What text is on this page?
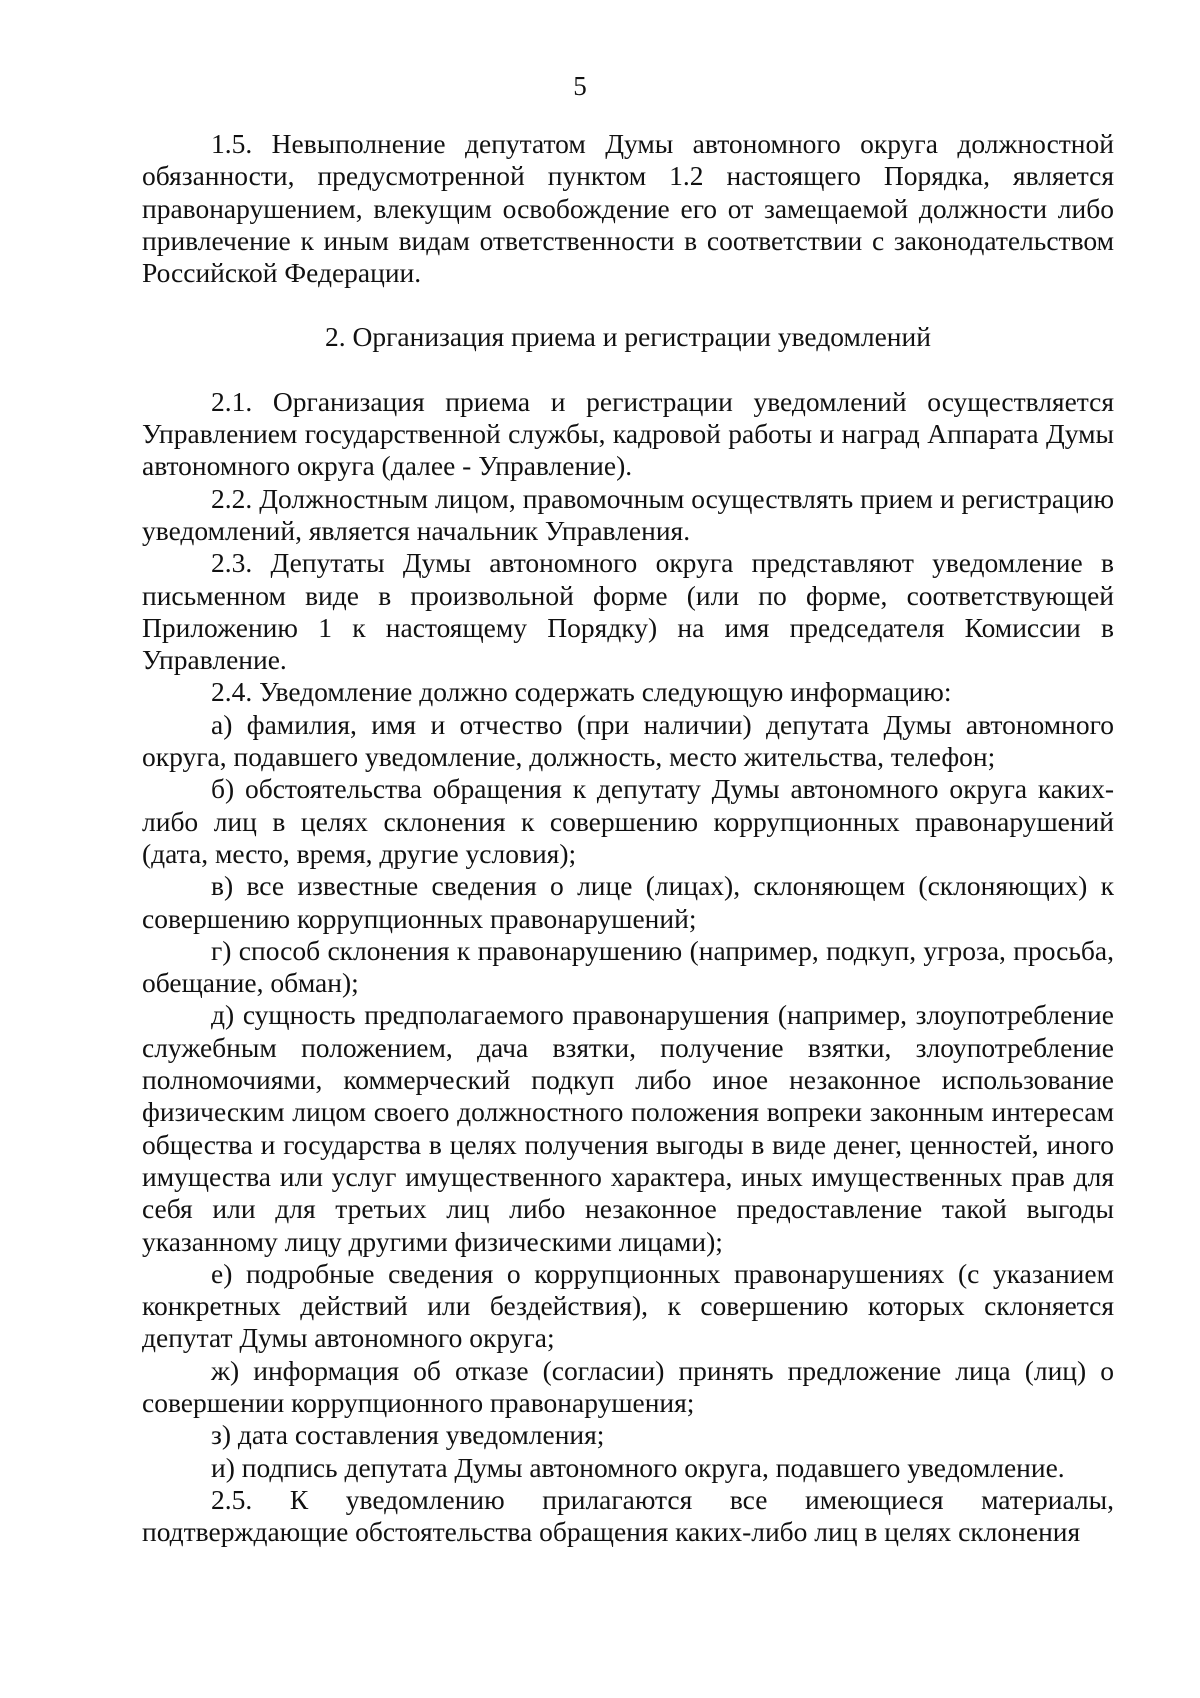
5

1.5. Невыполнение депутатом Думы автономного округа должностной обязанности, предусмотренной пунктом 1.2 настоящего Порядка, является правонарушением, влекущим освобождение его от замещаемой должности либо привлечение к иным видам ответственности в соответствии с законодательством Российской Федерации.

2. Организация приема и регистрации уведомлений

2.1. Организация приема и регистрации уведомлений осуществляется Управлением государственной службы, кадровой работы и наград Аппарата Думы автономного округа (далее - Управление).

2.2. Должностным лицом, правомочным осуществлять прием и регистрацию уведомлений, является начальник Управления.

2.3. Депутаты Думы автономного округа представляют уведомление в письменном виде в произвольной форме (или по форме, соответствующей Приложению 1 к настоящему Порядку) на имя председателя Комиссии в Управление.

2.4. Уведомление должно содержать следующую информацию:

а) фамилия, имя и отчество (при наличии) депутата Думы автономного округа, подавшего уведомление, должность, место жительства, телефон;

б) обстоятельства обращения к депутату Думы автономного округа каких-либо лиц в целях склонения к совершению коррупционных правонарушений (дата, место, время, другие условия);

в) все известные сведения о лице (лицах), склоняющем (склоняющих) к совершению коррупционных правонарушений;

г) способ склонения к правонарушению (например, подкуп, угроза, просьба, обещание, обман);

д) сущность предполагаемого правонарушения (например, злоупотребление служебным положением, дача взятки, получение взятки, злоупотребление полномочиями, коммерческий подкуп либо иное незаконное использование физическим лицом своего должностного положения вопреки законным интересам общества и государства в целях получения выгоды в виде денег, ценностей, иного имущества или услуг имущественного характера, иных имущественных прав для себя или для третьих лиц либо незаконное предоставление такой выгоды указанному лицу другими физическими лицами);

е) подробные сведения о коррупционных правонарушениях (с указанием конкретных действий или бездействия), к совершению которых склоняется депутат Думы автономного округа;

ж) информация об отказе (согласии) принять предложение лица (лиц) о совершении коррупционного правонарушения;

з) дата составления уведомления;

и) подпись депутата Думы автономного округа, подавшего уведомление.

2.5. К уведомлению прилагаются все имеющиеся материалы, подтверждающие обстоятельства обращения каких-либо лиц в целях склонения
